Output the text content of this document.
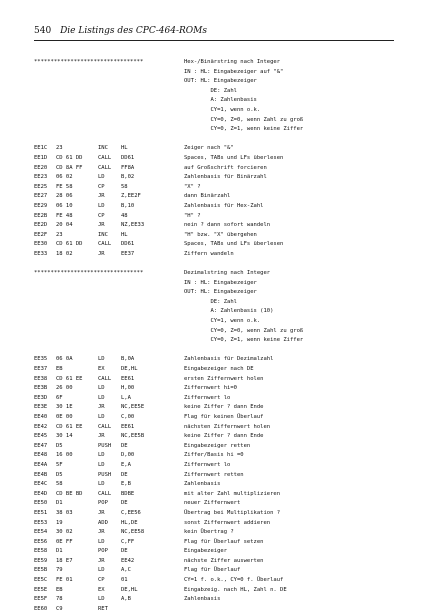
540 Die Listings des CPC-464-ROMs
*********************************	Hex-/Binärstring nach Integer
IN : HL: Eingabezeiger auf "&"
OUT: HL: Eingabezeiger
DE: Zahl
A: Zahlenbasis
CY=1, wenn o.k.
CY=0, Z=0, wenn Zahl zu groß
CY=0, Z=1, wenn keine Ziffer
EE1C 23	INC HL	Zeiger nach "&"
EE1D CD 61 DD	CALL DD61	Spaces, TABs und LFs überlesen
EE20 CD 8A FF	CALL FF8A	auf Großschrift forcieren
EE23 06 02	LD	B,02	Zahlenbasis für Binärzahl
EE25 FE 58	CP	58	"X" ?
EE27 28 06	JR	Z,EE2F	dann Binärzahl
EE29 06 10	LD	B,10	Zahlenbasis für Hex-Zahl
EE2B FE 48	CP	48	"H" ?
EE2D 20 04	JR	NZ,EE33	nein ? dann sofort wandeln
EE2F 23	INC HL	"H" bzw. "X" übergehen
EE30 CD 61 DD	CALL DD61	Spaces, TABs und LFs überlesen
EE33 18 02	JR	EE37	Ziffern wandeln
*********************************	Dezimalstring nach Integer
IN : HL: Eingabezeiger
OUT: HL: Eingabezeiger
DE: Zahl
A: Zahlenbasis (10)
CY=1, wenn o.k.
CY=0, Z=0, wenn Zahl zu groß
CY=0, Z=1, wenn keine Ziffer
EE35 06 0A	LD	B,0A	Zahlenbasis für Dezimalzahl
EE37 EB	EX	DE,HL	Eingabezeiger nach DE
EE38 CD 61 EE	CALL EE61	ersten Ziffernwert holen
EE3B 26 00	LD	H,00	Ziffernwert hi=0
EE3D 6F	LD	L,A	Ziffernwert lo
EE3E 30 1E	JR	NC,EE5E	keine Ziffer ? dann Ende
EE40 0E 00	LD	C,00	Flag für keinen Überlauf
EE42 CD 61 EE	CALL EE61	nächsten Ziffernwert holen
EE45 30 14	JR	NC,EE5B	keine Ziffer ? dann Ende
EE47 D5	PUSH DE	Eingabezeiger retten
EE48 16 00	LD	D,00	Ziffer/Basis hi =0
EE4A 5F	LD	E,A	Ziffernwert lo
EE4B D5	PUSH DE	Ziffernwert retten
EE4C 58	LD	E,B	Zahlenbasis
EE4D CD BE BD	CALL BDBE	mit alter Zahl multiplizieren
EE50 D1	POP DE	neuer Ziffernwert
EE51 38 03	JR	C,EE56	Übertrag bei Multiplikation ?
EE53 19	ADD HL,DE	sonst Ziffernwert addieren
EE54 30 02	JR	NC,EE58	kein Übertrag ?
EE56 0E FF	LD	C,FF	Flag für Überlauf setzen
EE58 D1	POP DE	Eingabezeiger
EE59 18 E7	JR	EE42	nächste Ziffer auswerten
EE5B 79	LD	A,C	Flag für Überlauf
EE5C FE 01	CP	01	CY=1 f. o.k., CY=0 f. Überlauf
EE5E EB	EX	DE,HL	Eingabzeig. nach HL, Zahl n. DE
EE5F 78	LD	A,B	Zahlenbasis
EE60 C9	RET
